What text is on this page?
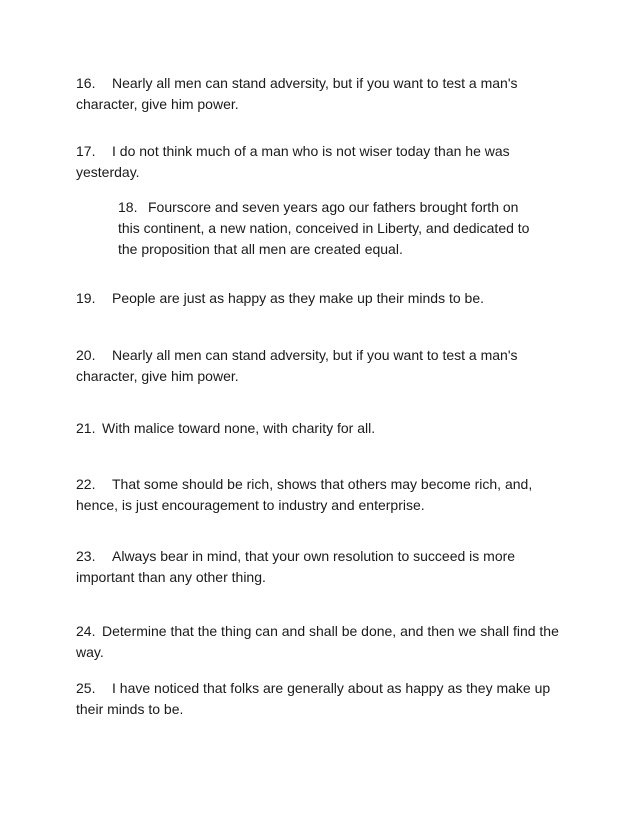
16. Nearly all men can stand adversity, but if you want to test a man's character, give him power.

17. I do not think much of a man who is not wiser today than he was yesterday.

18. Fourscore and seven years ago our fathers brought forth on this continent, a new nation, conceived in Liberty, and dedicated to the proposition that all men are created equal.

19. People are just as happy as they make up their minds to be.

20. Nearly all men can stand adversity, but if you want to test a man's character, give him power.

21. With malice toward none, with charity for all.

22. That some should be rich, shows that others may become rich, and, hence, is just encouragement to industry and enterprise.

23. Always bear in mind, that your own resolution to succeed is more important than any other thing.

24. Determine that the thing can and shall be done, and then we shall find the way.

25. I have noticed that folks are generally about as happy as they make up their minds to be.
